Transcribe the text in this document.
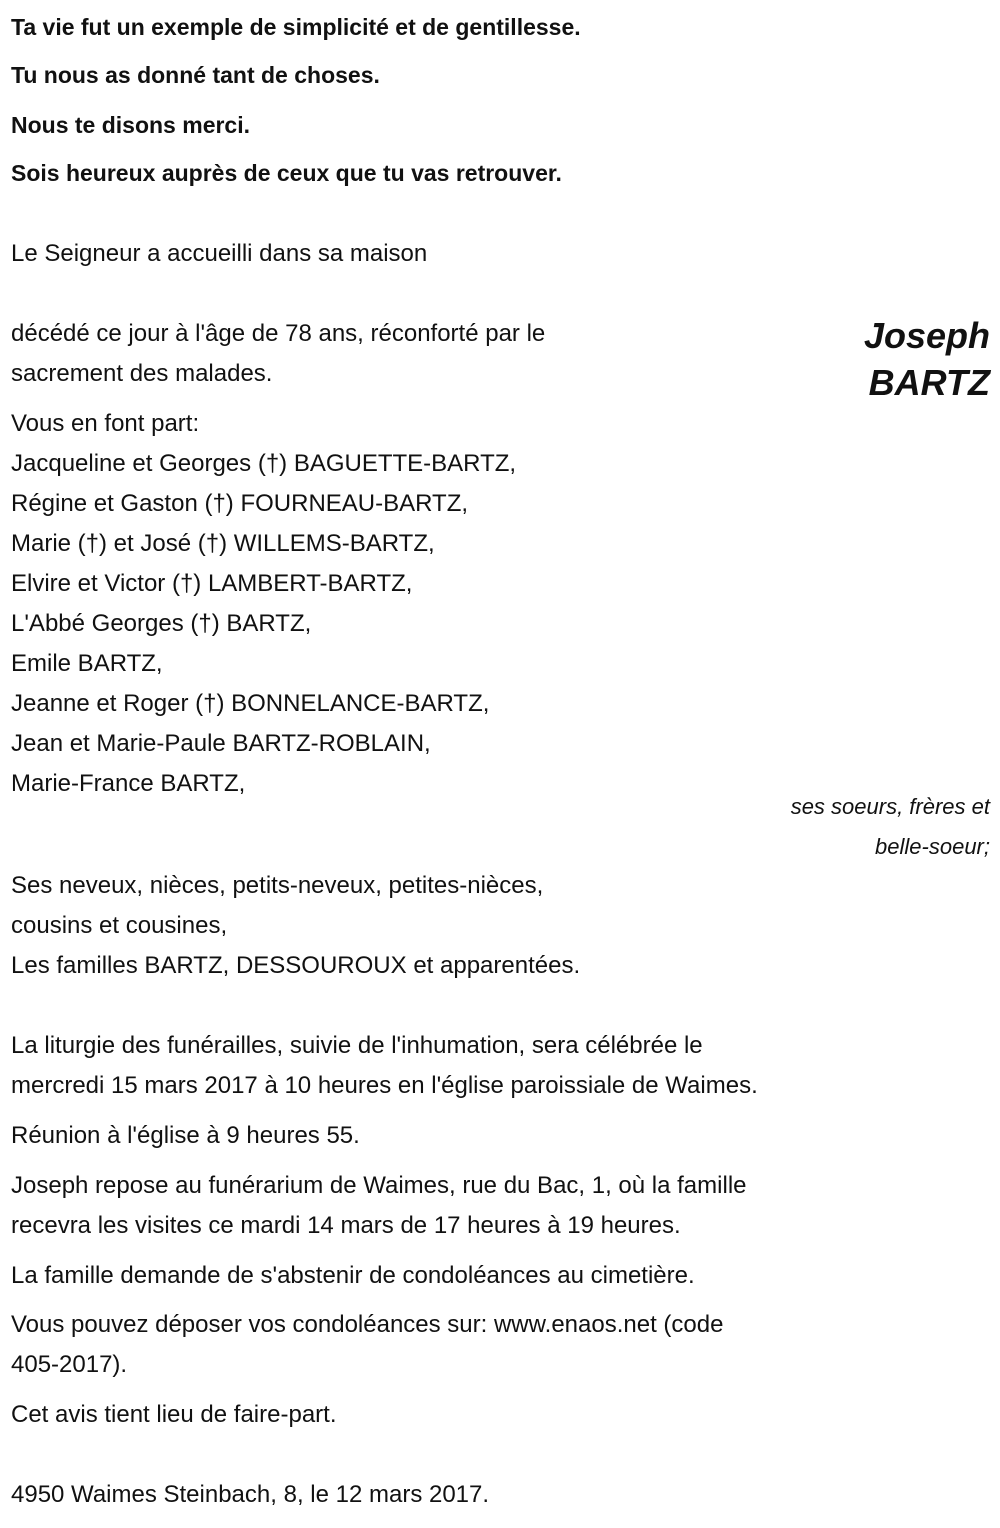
Ta vie fut un exemple de simplicité et de gentillesse.
Tu nous as donné tant de choses.
Nous te disons merci.
Sois heureux auprès de ceux que tu vas retrouver.
Le Seigneur a accueilli dans sa maison
Joseph
BARTZ
décédé ce jour à l'âge de 78 ans, réconforté par le
sacrement des malades.
Vous en font part:
Jacqueline et Georges (†) BAGUETTE-BARTZ,
Régine et Gaston (†) FOURNEAU-BARTZ,
Marie (†) et José (†) WILLEMS-BARTZ,
Elvire et Victor (†) LAMBERT-BARTZ,
L'Abbé Georges (†) BARTZ,
Emile BARTZ,
Jeanne et Roger (†) BONNELANCE-BARTZ,
Jean et Marie-Paule BARTZ-ROBLAIN,
Marie-France BARTZ,
ses soeurs, frères et
belle-soeur;
Ses neveux, nièces, petits-neveux, petites-nièces,
cousins et cousines,
Les familles BARTZ, DESSOUROUX et apparentées.
La liturgie des funérailles, suivie de l'inhumation, sera célébrée le
mercredi 15 mars 2017 à 10 heures en l'église paroissiale de Waimes.
Réunion à l'église à 9 heures 55.
Joseph repose au funérarium de Waimes, rue du Bac, 1, où la famille
recevra les visites ce mardi 14 mars de 17 heures à 19 heures.
La famille demande de s'abstenir de condoléances au cimetière.
Vous pouvez déposer vos condoléances sur: www.enaos.net (code
405-2017).
Cet avis tient lieu de faire-part.
4950 Waimes Steinbach, 8, le 12 mars 2017.
